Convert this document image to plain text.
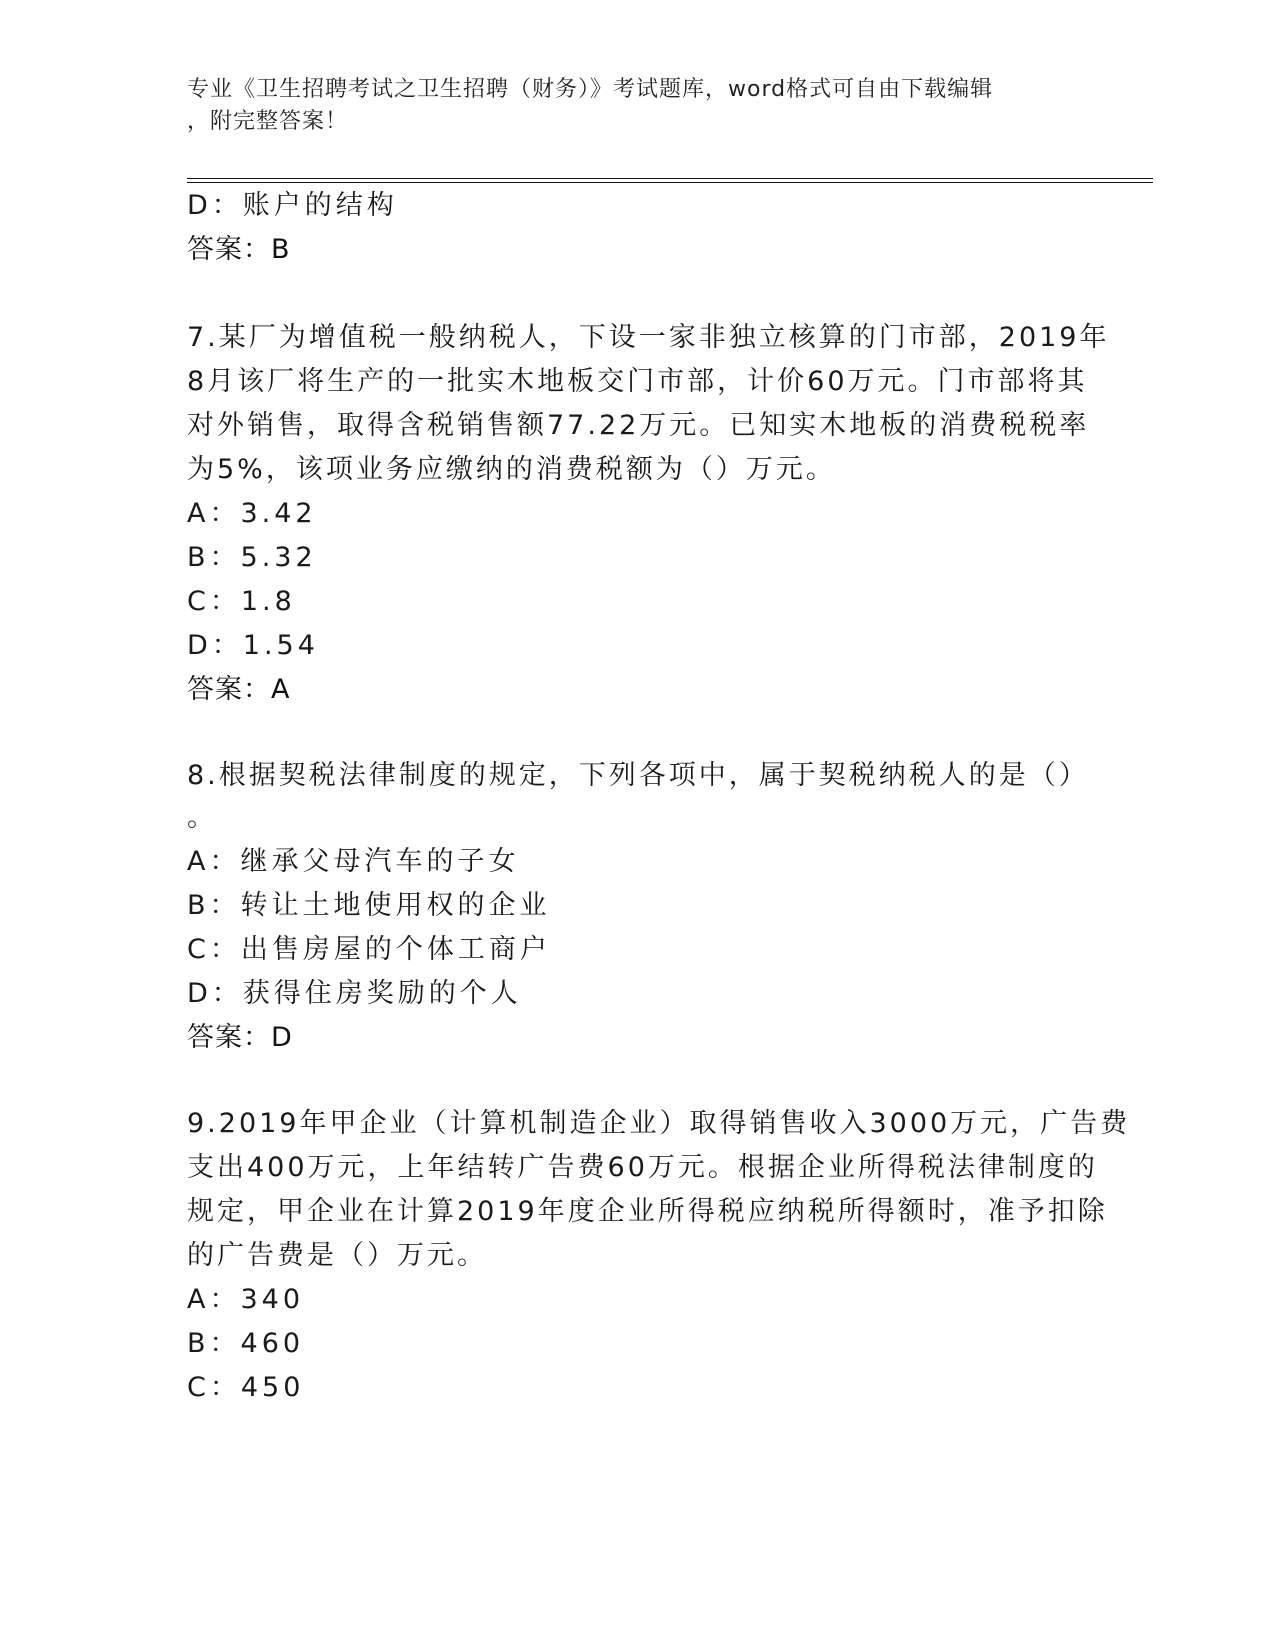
专业《卫生招聘考试之卫生招聘（财务）》考试题库，word格式可自由下载编辑
，附完整答案！
D：账户的结构
答案：B
7.某厂为增值税一般纳税人，下设一家非独立核算的门市部，2019年
8月该厂将生产的一批实木地板交门市部，计价60万元。门市部将其
对外销售，取得含税销售额77.22万元。已知实木地板的消费税税率
为5%，该项业务应缴纳的消费税额为（）万元。
A：3.42
B：5.32
C：1.8
D：1.54
答案：A
8.根据契税法律制度的规定，下列各项中，属于契税纳税人的是（）
。
A：继承父母汽车的子女
B：转让土地使用权的企业
C：出售房屋的个体工商户
D：获得住房奖励的个人
答案：D
9.2019年甲企业（计算机制造企业）取得销售收入3000万元，广告费
支出400万元，上年结转广告费60万元。根据企业所得税法律制度的
规定，甲企业在计算2019年度企业所得税应纳税所得额时，准予扣除
的广告费是（）万元。
A：340
B：460
C：450
